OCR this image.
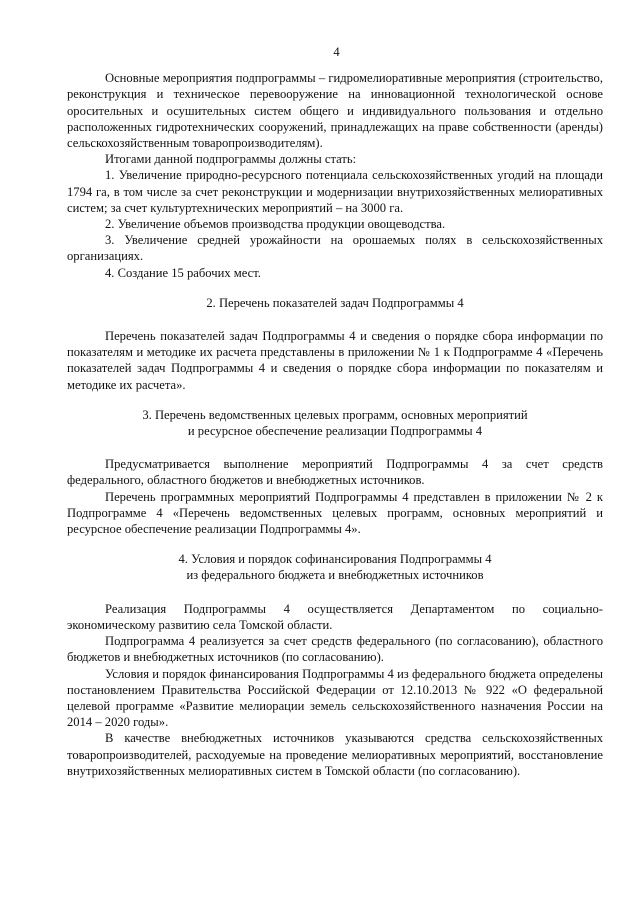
4

Основные мероприятия подпрограммы – гидромелиоративные мероприятия (строительство, реконструкция и техническое перевооружение на инновационной технологической основе оросительных и осушительных систем общего и индивидуального пользования и отдельно расположенных гидротехнических сооружений, принадлежащих на праве собственности (аренды) сельскохозяйственным товаропроизводителям).

Итогами данной подпрограммы должны стать:

1. Увеличение природно-ресурсного потенциала сельскохозяйственных угодий на площади 1794 га, в том числе за счет реконструкции и модернизации внутрихозяйственных мелиоративных систем; за счет культуртехнических мероприятий – на 3000 га.

2. Увеличение объемов производства продукции овощеводства.

3. Увеличение средней урожайности на орошаемых полях в сельскохозяйственных организациях.

4. Создание 15 рабочих мест.

2. Перечень показателей задач Подпрограммы 4

Перечень показателей задач Подпрограммы 4 и сведения о порядке сбора информации по показателям и методике их расчета представлены в приложении № 1 к Подпрограмме 4 «Перечень показателей задач Подпрограммы 4 и сведения о порядке сбора информации по показателям и методике их расчета».

3. Перечень ведомственных целевых программ, основных мероприятий
и ресурсное обеспечение реализации Подпрограммы 4

Предусматривается выполнение мероприятий Подпрограммы 4 за счет средств федерального, областного бюджетов и внебюджетных источников.

Перечень программных мероприятий Подпрограммы 4 представлен в приложении № 2 к Подпрограмме 4 «Перечень ведомственных целевых программ, основных мероприятий и ресурсное обеспечение реализации Подпрограммы 4».

4. Условия и порядок софинансирования Подпрограммы 4
из федерального бюджета и внебюджетных источников

Реализация Подпрограммы 4 осуществляется Департаментом по социально-экономическому развитию села Томской области.

Подпрограмма 4 реализуется за счет средств федерального (по согласованию), областного бюджетов и внебюджетных источников (по согласованию).

Условия и порядок финансирования Подпрограммы 4 из федерального бюджета определены постановлением Правительства Российской Федерации от 12.10.2013 № 922 «О федеральной целевой программе «Развитие мелиорации земель сельскохозяйственного назначения России на 2014 – 2020 годы».

В качестве внебюджетных источников указываются средства сельскохозяйственных товаропроизводителей, расходуемые на проведение мелиоративных мероприятий, восстановление внутрихозяйственных мелиоративных систем в Томской области (по согласованию).
